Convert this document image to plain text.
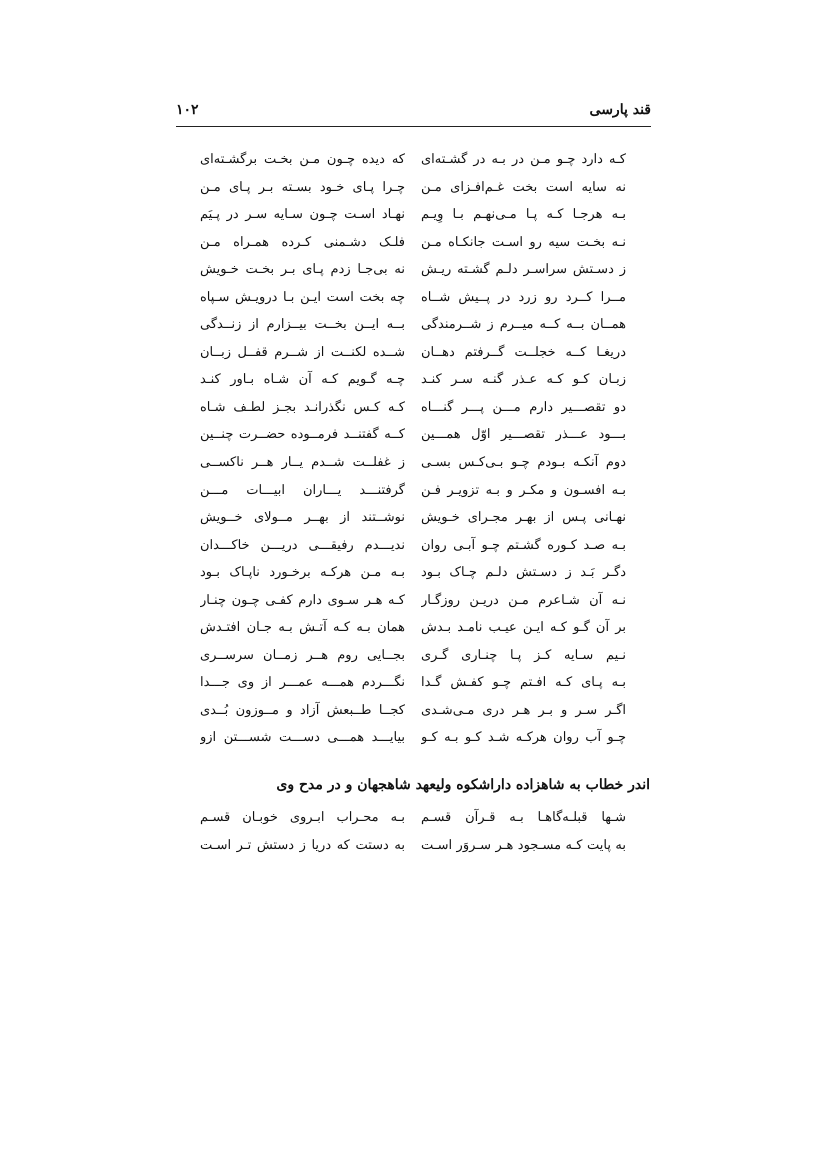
قند پارسی
۱۰۲
کـه دارد چـو مـن در بـه در گشـته‌ای
که دیده چـون مـن بخـت برگشـته‌ای
نه سایه است بخت غـم‌افـزای مـن
چـرا پـای خـود بسـته بـر پـای مـن
بـه هرجـا کـه پـا مـی‌نهـم بـا وِیـم
نهـاد اسـت چـون سـایه سـر در پـیَم
نـه بخـت سیه رو اسـت جانکـاه مـن
فلـک دشـمنی کـرده همـراه مـن
ز دسـتش سراسـر دلـم گشـته ریـش
نه بی‌جـا زدم پـای بـر بخـت خـویش
مــرا کــرد رو زرد در پــیش شــاه
چه بخت است ایـن بـا درویـش سـپاه
همــان بــه کــه میــرم ز شــرمندگی
بــه ایــن بخــت بیــزارم از زنــدگی
دریغـا کــه خجلــت گــرفتم دهــان
شــده لکنــت از شــرم قفــل زبــان
زبـان کـو کـه عـذر گنـه سـر کنـد
چـه گـویم کـه آن شـاه بـاور کنـد
دو تقصـــیر دارم مـــن پـــر گنـــاه
کـه کـس نگذرانـد بجـز لطـف شـاه
بـــود عـــذر تقصـــیر اوّل همـــین
کــه گفتنــد فرمــوده حضــرت چنــین
دوم آنکـه بـودم چـو بـی‌کـس بسـی
ز غفلــت شــدم یــار هــر ناکســی
بـه افسـون و مکـر و بـه تزویـر فـن
گرفتنـــد یـــاران ابیـــات مـــن
نهـانی پـس از بهـر مجـرای خـویش
نوشــتند از بهــر مــولای خــویش
بـه صـد کـوره گشـتم چـو آبـی روان
ندیـــدم رفیقـــی دریـــن خاکـــدان
دگـر بَـد ز دسـتش دلـم چـاک بـود
بـه مـن هرکـه برخـورد ناپـاک بـود
نـه آن شـاعرم مـن دریـن روزگـار
کـه هـر سـوی دارم کفـی چـون چنـار
بر آن گـو کـه ایـن عیـب نامـد بـدش
همان بـه کـه آتـش بـه جـان افتـدش
نـیم سـایه کـز پـا چنـاری گـری
بجــایی روم هــر زمــان سرســری
بـه پـای کـه افـتم چـو کفـش گـدا
نگـــردم همـــه عمـــر از وی جـــدا
اگـر سـر و بـر هـر دری مـی‌شـدی
کجــا طــبعش آزاد و مــوزون بُــدی
چـو آب روان هرکـه شـد کـو بـه کـو
بیایـــد همـــی دســـت شســـتن ازو
اندر خطاب به شاهزاده داراشکوه ولیعهد شاهجهان و در مدح وی
شـها قبلـه‌گاهـا بـه قـرآن قسـم
بـه محـراب ابـروی خوبـان قسـم
به پایت کـه مسـجود هـر سـروَر اسـت
به دستت که دریا ز دستش تـر اسـت
